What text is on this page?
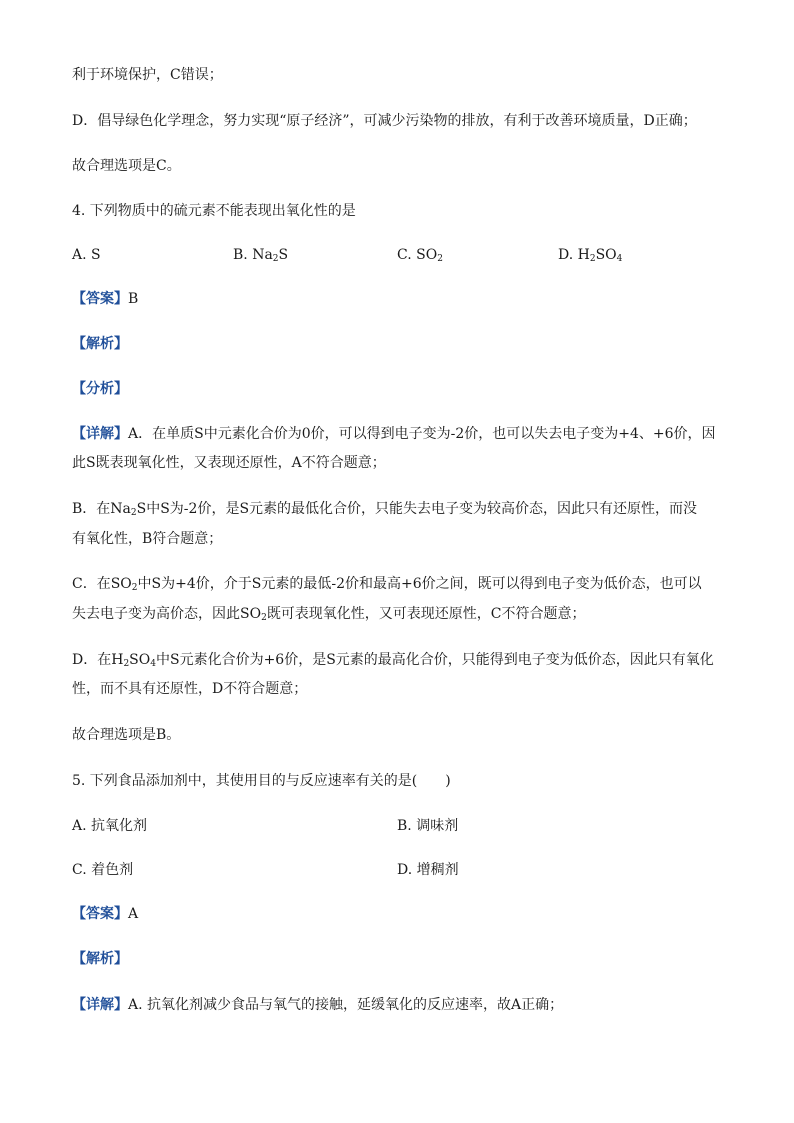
利于环境保护，C错误；
D．倡导绿色化学理念，努力实现“原子经济”，可减少污染物的排放，有利于改善环境质量，D正确；
故合理选项是C。
4. 下列物质中的硫元素不能表现出氧化性的是
A. S	B. $Na_2S$	C. $SO_2$	D. $H_2SO_4$
【答案】B
【解析】
【分析】
【详解】A．在单质S中元素化合价为0价，可以得到电子变为-2价，也可以失去电子变为+4、+6价，因
此S既表现氧化性，又表现还原性，A不符合题意；
B．在$Na_2S$中S为-2价，是S元素的最低化合价，只能失去电子变为较高价态，因此只有还原性，而没
有氧化性，B符合题意；
C．在$SO_2$中S为+4价，介于S元素的最低-2价和最高+6价之间，既可以得到电子变为低价态，也可以
失去电子变为高价态，因此$SO_2$既可表现氧化性，又可表现还原性，C不符合题意；
D．在$H_2SO_4$中S元素化合价为+6价，是S元素的最高化合价，只能得到电子变为低价态，因此只有氧化
性，而不具有还原性，D不符合题意；
故合理选项是B。
5. 下列食品添加剂中，其使用目的与反应速率有关的是(　　)
A. 抗氧化剂	B. 调味剂
C. 着色剂	D. 增稠剂
【答案】A
【解析】
【详解】A. 抗氧化剂减少食品与氧气的接触，延缓氧化的反应速率，故A正确；
